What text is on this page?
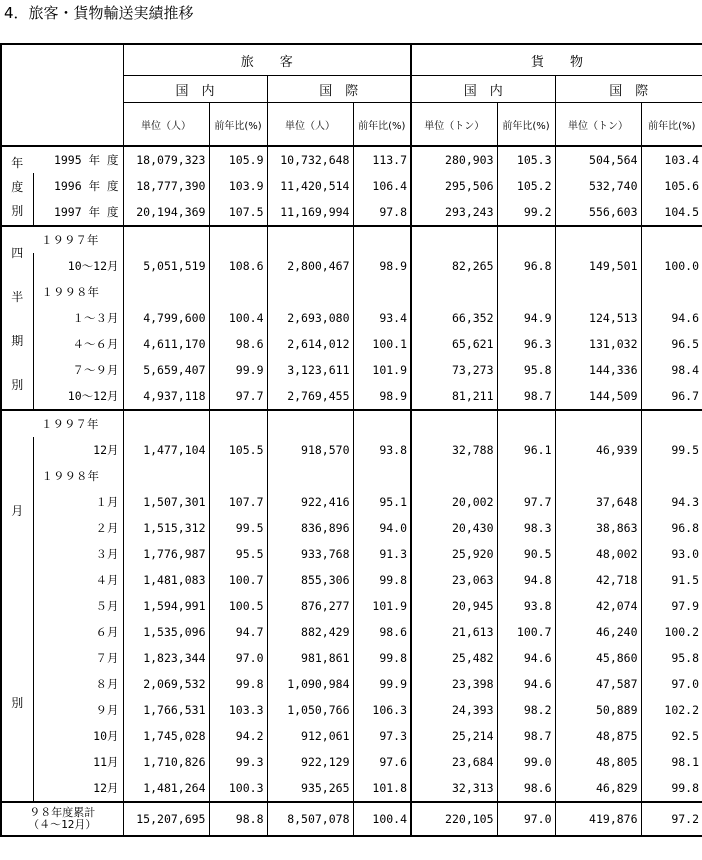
4．旅客・貨物輸送実績推移
		旅　　客				貨　　物			
		国　内		国　際		国　内		国　際	
		単位（人）	前年比(%)	単位（人）	前年比(%)	単位（トン）	前年比(%)	単位（トン）	前年比(%)

年
度
別	1995 年 度	18,079,323	105.9	10,732,648	113.7	280,903	105.3	504,564	103.4
	1996 年 度	18,777,390	103.9	11,420,514	106.4	295,506	105.2	532,740	105.6
	1997 年 度	20,194,369	107.5	11,169,994	97.8	293,243	99.2	556,603	104.5

四
半
期
別	１９９７年								
	10～12月	5,051,519	108.6	2,800,467	98.9	82,265	96.8	149,501	100.0
	１９９８年								
	１～３月	4,799,600	100.4	2,693,080	93.4	66,352	94.9	124,513	94.6
	４～６月	4,611,170	98.6	2,614,012	100.1	65,621	96.3	131,032	96.5
	７～９月	5,659,407	99.9	3,123,611	101.9	73,273	95.8	144,336	98.4
	10～12月	4,937,118	97.7	2,769,455	98.9	81,211	98.7	144,509	96.7

月
別	１９９７年								
	12月	1,477,104	105.5	918,570	93.8	32,788	96.1	46,939	99.5
	１９９８年								
	１月	1,507,301	107.7	922,416	95.1	20,002	97.7	37,648	94.3
	２月	1,515,312	99.5	836,896	94.0	20,430	98.3	38,863	96.8
	３月	1,776,987	95.5	933,768	91.3	25,920	90.5	48,002	93.0
	４月	1,481,083	100.7	855,306	99.8	23,063	94.8	42,718	91.5
	５月	1,594,991	100.5	876,277	101.9	20,945	93.8	42,074	97.9
	６月	1,535,096	94.7	882,429	98.6	21,613	100.7	46,240	100.2
	７月	1,823,344	97.0	981,861	99.8	25,482	94.6	45,860	95.8
	８月	2,069,532	99.8	1,090,984	99.9	23,398	94.6	47,587	97.0
	９月	1,766,531	103.3	1,050,766	106.3	24,393	98.2	50,889	102.2
	10月	1,745,028	94.2	912,061	97.3	25,214	98.7	48,875	92.5
	11月	1,710,826	99.3	922,129	97.6	23,684	99.0	48,805	98.1
	12月	1,481,264	100.3	935,265	101.8	32,313	98.6	46,829	99.8

９８年度累計
（４～12月）		15,207,695	98.8	8,507,078	100.4	220,105	97.0	419,876	97.2
